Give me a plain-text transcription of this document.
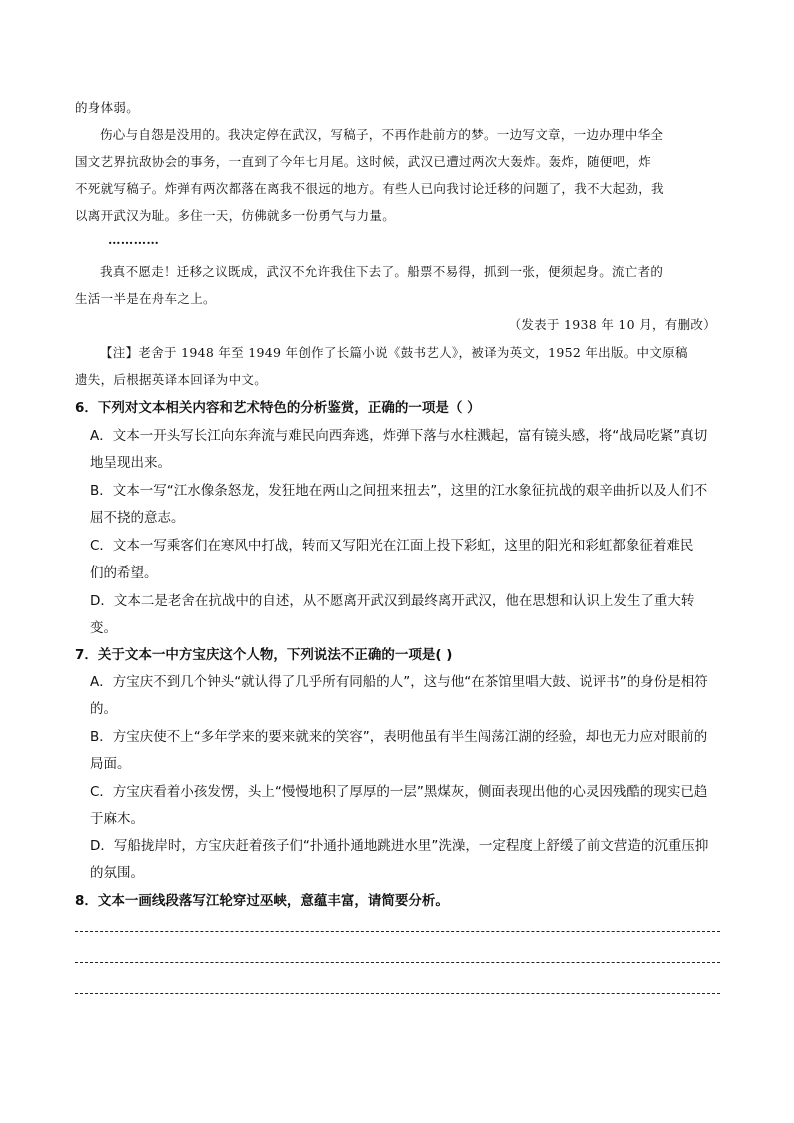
的身体弱。
伤心与自怨是没用的。我决定停在武汉，写稿子，不再作赴前方的梦。一边写文章，一边办理中华全
国文艺界抗敌协会的事务，一直到了今年七月尾。这时候，武汉已遭过两次大轰炸。轰炸，随便吧，炸
不死就写稿子。炸弹有两次都落在离我不很远的地方。有些人已向我讨论迁移的问题了，我不大起劲，我
以离开武汉为耻。多住一天，仿佛就多一份勇气与力量。
…………
我真不愿走！迁移之议既成，武汉不允许我住下去了。船票不易得，抓到一张，便须起身。流亡者的
生活一半是在舟车之上。
（发表于 1938 年 10 月，有删改）
【注】老舍于 1948 年至 1949 年创作了长篇小说《鼓书艺人》，被译为英文，1952 年出版。中文原稿
遗失，后根据英译本回译为中文。
6．下列对文本相关内容和艺术特色的分析鉴赏，正确的一项是（ ）
A．文本一开头写长江向东奔流与难民向西奔逃，炸弹下落与水柱溅起，富有镜头感，将“战局吃紧”真切
地呈现出来。
B．文本一写“江水像条怒龙，发狂地在两山之间扭来扭去”，这里的江水象征抗战的艰辛曲折以及人们不
屈不挠的意志。
C．文本一写乘客们在寒风中打战，转而又写阳光在江面上投下彩虹，这里的阳光和彩虹都象征着难民
们的希望。
D．文本二是老舍在抗战中的自述，从不愿离开武汉到最终离开武汉，他在思想和认识上发生了重大转
变。
7．关于文本一中方宝庆这个人物，下列说法不正确的一项是( )
A．方宝庆不到几个钟头“就认得了几乎所有同船的人”，这与他“在茶馆里唱大鼓、说评书”的身份是相符
的。
B．方宝庆使不上“多年学来的要来就来的笑容”，表明他虽有半生闯荡江湖的经验，却也无力应对眼前的
局面。
C．方宝庆看着小孩发愣，头上“慢慢地积了厚厚的一层”黑煤灰，侧面表现出他的心灵因残酷的现实已趋
于麻木。
D．写船拢岸时，方宝庆赶着孩子们“扑通扑通地跳进水里”洗澡，一定程度上舒缓了前文营造的沉重压抑
的氛围。
8．文本一画线段落写江轮穿过巫峡，意蕴丰富，请简要分析。
